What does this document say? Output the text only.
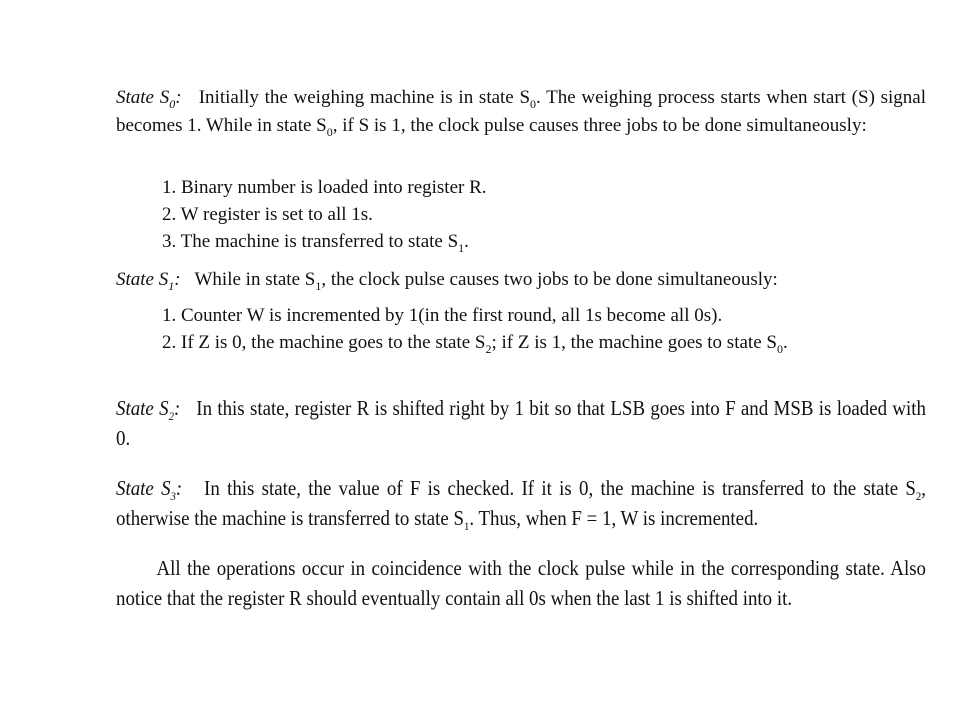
State $S_0$: Initially the weighing machine is in state $S_0$. The weighing process starts when start (S) signal becomes 1. While in state $S_0$, if S is 1, the clock pulse causes three jobs to be done simultaneously:
1. Binary number is loaded into register R.
2. W register is set to all 1s.
3. The machine is transferred to state $S_1$.
State $S_1$: While in state $S_1$, the clock pulse causes two jobs to be done simultaneously:
1. Counter W is incremented by 1(in the first round, all 1s become all 0s).
2. If Z is 0, the machine goes to the state $S_2$; if Z is 1, the machine goes to state $S_0$.
State $S_2$: In this state, register R is shifted right by 1 bit so that LSB goes into F and MSB is loaded with 0.
State $S_3$: In this state, the value of F is checked. If it is 0, the machine is transferred to the state $S_2$, otherwise the machine is transferred to state $S_1$. Thus, when F = 1, W is incremented.
All the operations occur in coincidence with the clock pulse while in the corresponding state. Also notice that the register R should eventually contain all 0s when the last 1 is shifted into it.
